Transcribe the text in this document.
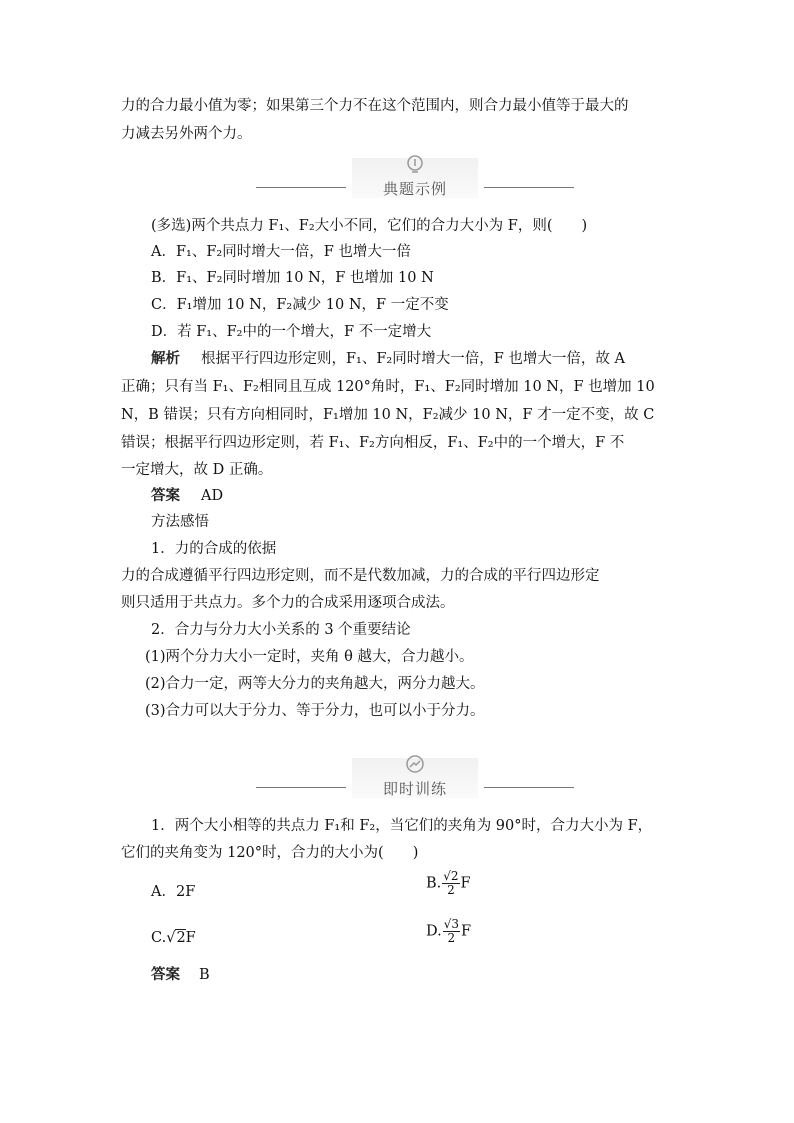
力的合力最小值为零；如果第三个力不在这个范围内，则合力最小值等于最大的
力减去另外两个力。
典题示例
(多选)两个共点力 F₁、F₂大小不同，它们的合力大小为 F，则(　　)
A．F₁、F₂同时增大一倍，F 也增大一倍
B．F₁、F₂同时增加 10 N，F 也增加 10 N
C．F₁增加 10 N，F₂减少 10 N，F 一定不变
D．若 F₁、F₂中的一个增大，F 不一定增大
解析 根据平行四边形定则，F₁、F₂同时增大一倍，F 也增大一倍，故 A
正确；只有当 F₁、F₂相同且互成 120°角时，F₁、F₂同时增加 10 N，F 也增加 10
N，B 错误；只有方向相同时，F₁增加 10 N，F₂减少 10 N，F 才一定不变，故 C
错误；根据平行四边形定则，若 F₁、F₂方向相反，F₁、F₂中的一个增大，F 不
一定增大，故 D 正确。
答案 AD
方法感悟
1．力的合成的依据
力的合成遵循平行四边形定则，而不是代数加减，力的合成的平行四边形定
则只适用于共点力。多个力的合成采用逐项合成法。
2．合力与分力大小关系的 3 个重要结论
(1)两个分力大小一定时，夹角 θ 越大，合力越小。
(2)合力一定，两等大分力的夹角越大，两分力越大。
(3)合力可以大于分力、等于分力，也可以小于分力。
即时训练
1．两个大小相等的共点力 F₁和 F₂，当它们的夹角为 90°时，合力大小为 F，
它们的夹角变为 120°时，合力的大小为(　　)
A．2F
B. $\frac{√2}{2}$ F
C.√2F	D. $\frac{√3}{2}$ F
答案 B
